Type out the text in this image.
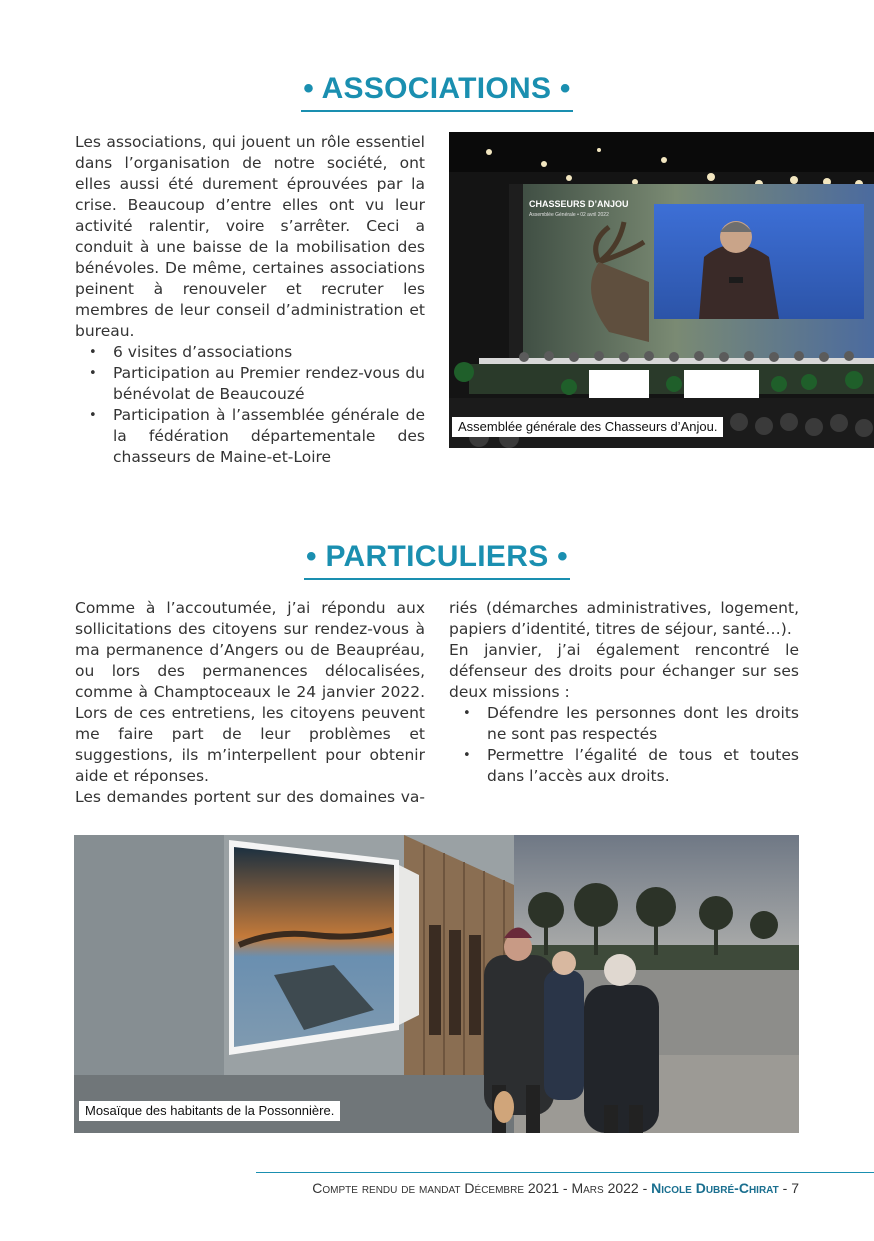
• ASSOCIATIONS •

Les associations, qui jouent un rôle essentiel dans l’organisation de notre société, ont elles aussi été durement éprouvées par la crise. Beaucoup d’entre elles ont vu leur activité ralentir, voire s’arrêter. Ceci a conduit à une baisse de la mobilisation des bénévoles. De même, certaines associations peinent à renouveler et recruter les membres de leur conseil d’administration et bureau.

• 6 visites d’associations
• Participation au Premier rendez-vous du bénévolat de Beaucouzé
• Participation à l’assemblée générale de la fédération départementale des chasseurs de Maine-et-Loire
CHASSEURS D’ANJOU
Assemblée Générale • 02 avril 2022
Assemblée générale des Chasseurs d’Anjou.
• PARTICULIERS •

Comme à l’accoutumée, j’ai répondu aux sollicitations des citoyens sur rendez-vous à ma permanence d’Angers ou de Beaupréau, ou lors des permanences délocalisées, comme à Champtoceaux le 24 janvier 2022. Lors de ces entretiens, les citoyens peuvent me faire part de leur problèmes et suggestions, ils m’interpellent pour obtenir aide et réponses.

Les demandes portent sur des domaines va-

riés (démarches administratives, logement, papiers d’identité, titres de séjour, santé…).

En janvier, j’ai également rencontré le défenseur des droits pour échanger sur ses deux missions :

• Défendre les personnes dont les droits ne sont pas respectés
• Permettre l’égalité de tous et toutes dans l’accès aux droits.
Mosaïque des habitants de la Possonnière.
Compte rendu de mandat Décembre 2021 - Mars 2022 - Nicole Dubré-Chirat - 7
